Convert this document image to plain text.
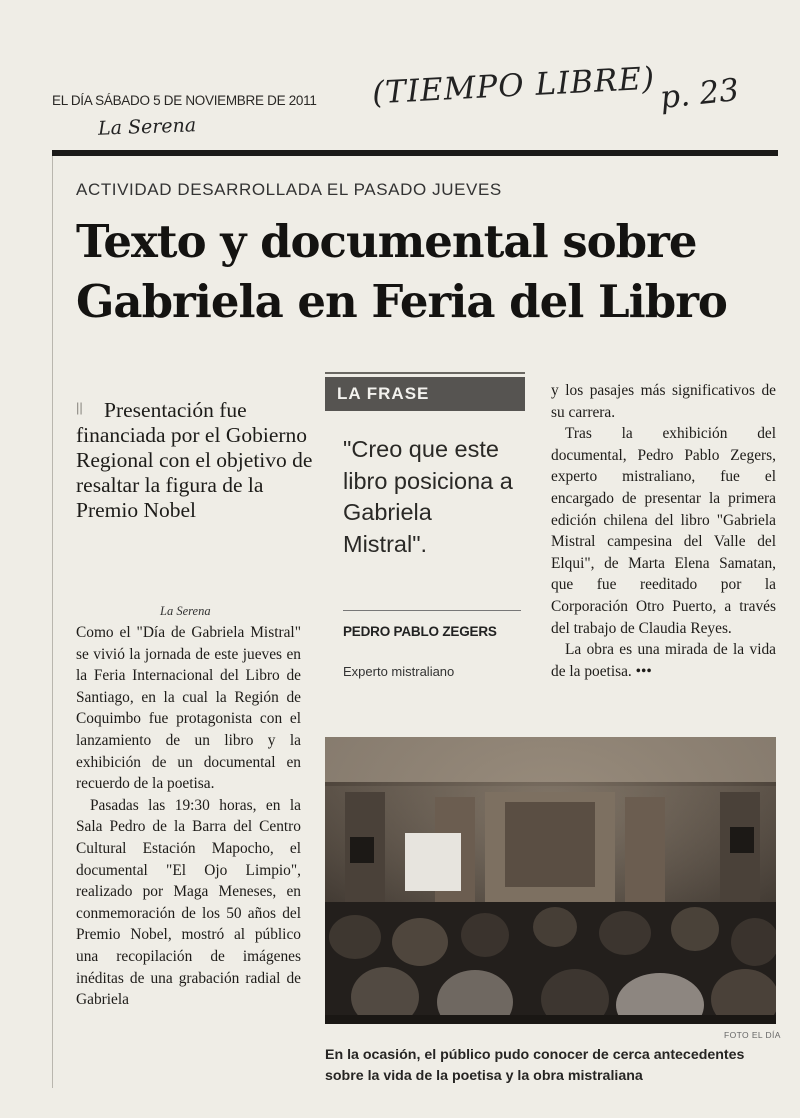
EL DÍA SÁBADO 5 DE NOVIEMBRE DE 2011
La Serena
(TIEMPO LIBRE) p. 23
ACTIVIDAD DESARROLLADA EL PASADO JUEVES
Texto y documental sobre Gabriela en Feria del Libro
|| Presentación fue financiada por el Gobierno Regional con el objetivo de resaltar la figura de la Premio Nobel
La Serena

Como el "Día de Gabriela Mistral" se vivió la jornada de este jueves en la Feria Internacional del Libro de Santiago, en la cual la Región de Coquimbo fue protagonista con el lanzamiento de un libro y la exhibición de un documental en recuerdo de la poetisa.

Pasadas las 19:30 horas, en la Sala Pedro de la Barra del Centro Cultural Estación Mapocho, el documental "El Ojo Limpio", realizado por Maga Meneses, en conmemoración de los 50 años del Premio Nobel, mostró al público una recopilación de imágenes inéditas de una grabación radial de Gabriela

LA FRASE
"Creo que este libro posiciona a Gabriela Mistral".
PEDRO PABLO ZEGERS
Experto mistraliano

y los pasajes más significativos de su carrera.

Tras la exhibición del documental, Pedro Pablo Zegers, experto mistraliano, fue el encargado de presentar la primera edición chilena del libro "Gabriela Mistral campesina del Valle del Elqui", de Marta Elena Samatan, que fue reeditado por la Corporación Otro Puerto, a través del trabajo de Claudia Reyes.

La obra es una mirada de la vida de la poetisa. •••

FOTO EL DÍA
En la ocasión, el público pudo conocer de cerca antecedentes sobre la vida de la poetisa y la obra mistraliana
